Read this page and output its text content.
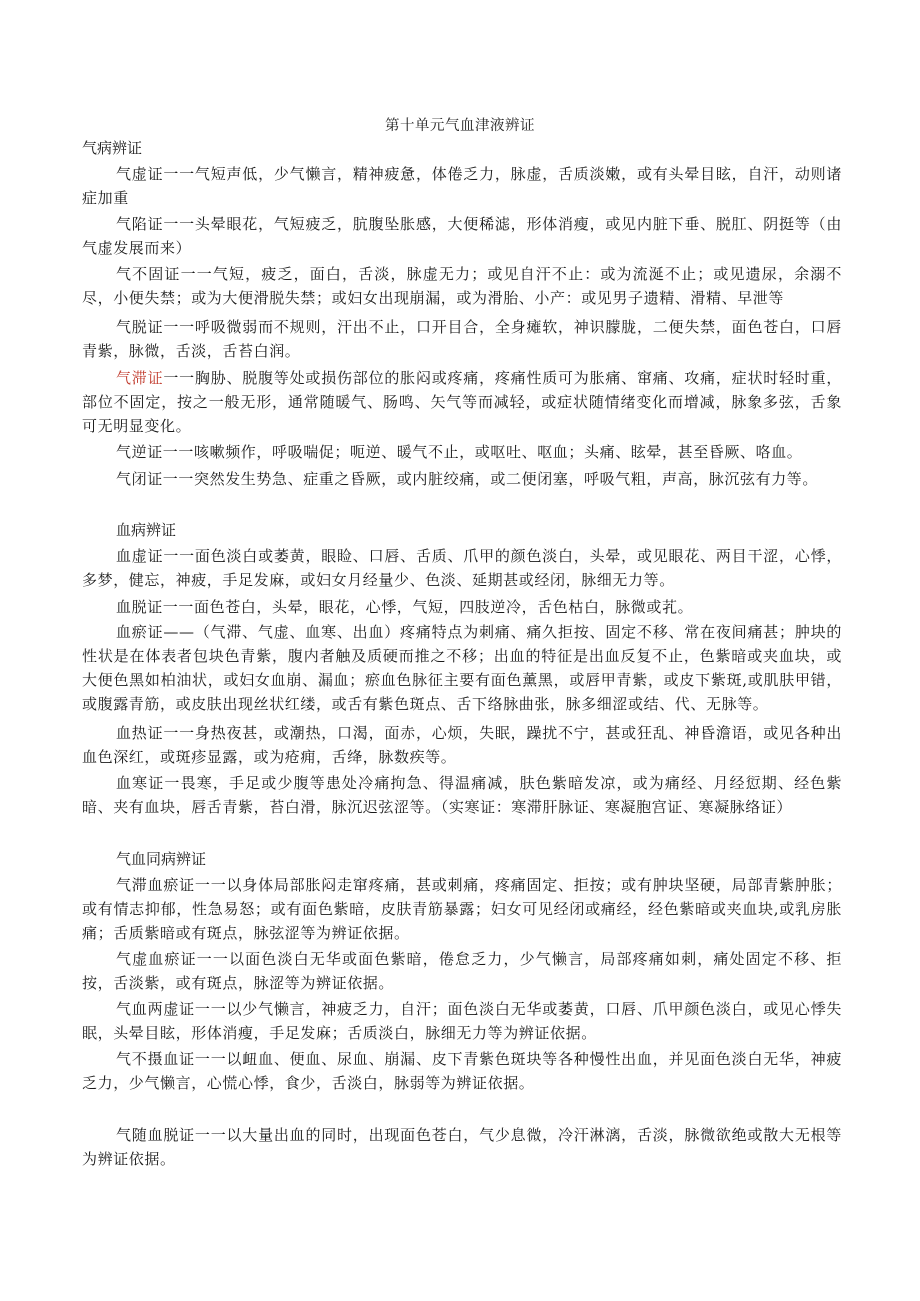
第十单元气血津液辨证
气病辨证

气虚证一一气短声低，少气懒言，精神疲惫，体倦乏力，脉虚，舌质淡嫩，或有头晕目眩，自汗，动则诸症加重

气陷证一一头晕眼花，气短疲乏，肮腹坠胀感，大便稀滤，形体消瘦，或见内脏下垂、脱肛、阴挺等（由气虚发展而来）

气不固证一一气短，疲乏，面白，舌淡，脉虚无力；或见自汗不止：或为流涎不止；或见遗尿，余溺不尽，小便失禁；或为大便滑脱失禁；或妇女出现崩漏，或为滑胎、小产：或见男子遗精、滑精、早泄等

气脱证一一呼吸微弱而不规则，汗出不止，口开目合，全身瘫软，神识朦胧，二便失禁，面色苍白，口唇青紫，脉微，舌淡，舌苔白润。

气滞证一一胸胁、脱腹等处或损伤部位的胀闷或疼痛，疼痛性质可为胀痛、窜痛、攻痛，症状时轻时重，部位不固定，按之一般无形，通常随暖气、肠鸣、矢气等而减轻，或症状随情绪变化而增减，脉象多弦，舌象可无明显变化。

气逆证一一咳嗽频作，呼吸喘促；呃逆、暖气不止，或呕吐、呕血；头痛、眩晕，甚至昏厥、咯血。

气闭证一一突然发生势急、症重之昏厥，或内脏绞痛，或二便闭塞，呼吸气粗，声高，脉沉弦有力等。

血病辨证

血虚证一一面色淡白或萎黄，眼睑、口唇、舌质、爪甲的颜色淡白，头晕，或见眼花、两目干涩，心悸，多梦，健忘，神疲，手足发麻，或妇女月经量少、色淡、延期甚或经闭，脉细无力等。

血脱证一一面色苍白，头晕，眼花，心悸，气短，四肢逆冷，舌色枯白，脉微或芤。

血瘀证——（气滞、气虚、血寒、出血）疼痛特点为刺痛、痛久拒按、固定不移、常在夜间痛甚；肿块的性状是在体表者包块色青紫，腹内者触及质硬而推之不移；出血的特征是出血反复不止，色紫暗或夹血块，或大便色黑如柏油状，或妇女血崩、漏血；瘀血色脉征主要有面色薰黑，或唇甲青紫，或皮下紫斑,或肌肤甲错，或腹露青筋，或皮肤出现丝状红缕，或舌有紫色斑点、舌下络脉曲张，脉多细涩或结、代、无脉等。

血热证一一身热夜甚，或潮热，口渴，面赤，心烦，失眠，躁扰不宁，甚或狂乱、神昏澹语，或见各种出血色深红，或斑疹显露，或为疮痈，舌绛，脉数疾等。

血寒证一畏寒，手足或少腹等患处冷痛拘急、得温痛减，肤色紫暗发凉，或为痛经、月经愆期、经色紫暗、夹有血块，唇舌青紫，苔白滑，脉沉迟弦涩等。（实寒证：寒滞肝脉证、寒凝胞宫证、寒凝脉络证）

气血同病辨证

气滞血瘀证一一以身体局部胀闷走窜疼痛，甚或刺痛，疼痛固定、拒按；或有肿块坚硬，局部青紫肿胀；或有情志抑郁，性急易怒；或有面色紫暗，皮肤青筋暴露；妇女可见经闭或痛经，经色紫暗或夹血块,或乳房胀痛；舌质紫暗或有斑点，脉弦涩等为辨证依据。

气虚血瘀证一一以面色淡白无华或面色紫暗，倦怠乏力，少气懒言，局部疼痛如刺，痛处固定不移、拒按，舌淡紫，或有斑点，脉涩等为辨证依据。

气血两虚证一一以少气懒言，神疲乏力，自汗；面色淡白无华或萎黄，口唇、爪甲颜色淡白，或见心悸失眠，头晕目眩，形体消瘦，手足发麻；舌质淡白，脉细无力等为辨证依据。

气不摄血证一一以衄血、便血、尿血、崩漏、皮下青紫色斑块等各种慢性出血，并见面色淡白无华，神疲乏力，少气懒言，心慌心悸，食少，舌淡白，脉弱等为辨证依据。

气随血脱证一一以大量出血的同时，出现面色苍白，气少息微，冷汗淋漓，舌淡，脉微欲绝或散大无根等为辨证依据。
